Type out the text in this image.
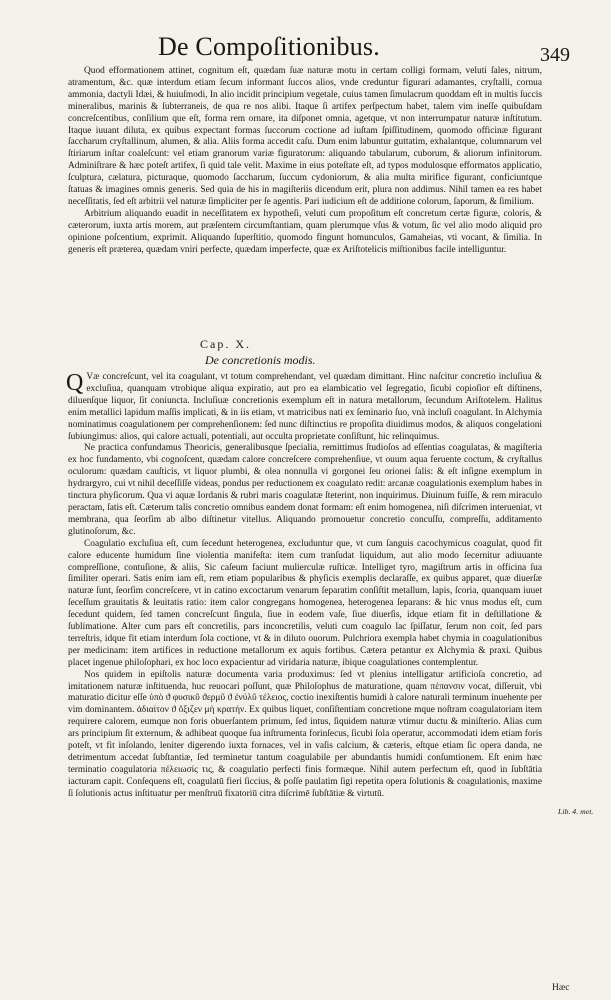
De Compoſitionibus.	349

Quod efformationem attinet, cognitum eſt, quædam ſuæ naturæ motu in certam colligi formam, veluti ſales, nitrum, atramentum, &c. quæ interdum etiam ſecum informant ſuccos alios, vnde creduntur figurari adamantes, cryſtalli, cornua ammonia, dactyli Idæi, & huiuſmodi, In alio incidit principium vegetale, cuius tamen ſimulacrum quoddam eſt in multis ſuccis mineralibus, marinis & ſubterraneis, de qua re nos alibi. Itaque ſi artifex perſpectum habet, talem vim ineſſe quibuſdam concreſcentibus, conſilium que eſt, forma rem ornare, ita diſponet omnia, agetque, vt non interrumpatur naturæ inſtitutum. Itaque iuuant diluta, ex quibus expectant formas ſuccorum coctione ad iuſtam ſpiſſitudinem, quomodo officinæ figurant ſaccharum cryſtallinum, alumen, & alia. Aliis forma accedit caſu. Dum enim labuntur guttatim, exhalantque, columnarum vel ſtiriarum inſtar coaleſcunt: vel etiam granorum variæ figuratorum: aliquando tabularum, cuborum, & aliorum infinitorum. Adminiſtrare & hæc poteſt artifex, ſi quid tale velit. Maxime in eius poteſtate eſt, ad typos modulosque efformatos applicatio, ſculptura, cælatura, picturaque, quomodo ſaccharum, ſuccum cydoniorum, & alia multa mirifice figurant, conficiuntque ſtatuas & imagines omnis generis. Sed quia de his in magiſteriis dicendum erit, plura non addimus. Nihil tamen ea res habet neceſſitatis, ſed eſt arbitrii vel naturæ ſimpliciter per ſe agentis. Pari iudicium eſt de additione colorum, ſaporum, & ſimilium.

Arbitrium aliquando euadit in neceſſitatem ex hypotheſi, veluti cum propoſitum eſt concretum certæ figuræ, coloris, & cæterorum, iuxta artis morem, aut præſentem circumſtantiam, quam plerumque vſus & votum, ſic vel alio modo aliquid pro opinione poſcentium, exprimit. Aliquando ſuperſtitio, quomodo fingunt homunculos, Gamaheias, vti vocant, & ſimilia. In generis eſt præterea, quædam vniri perfecte, quædam imperfecte, quæ ex Ariſtotelicis miſtionibus facile intelliguntur.

Cap. X.
De concretionis modis.

Q Væ concreſcunt, vel ita coagulant, vt totum comprehendant, vel quædam dimittant. Hinc naſcitur concretio incluſiua & excluſiua, quanquam vtrobique aliqua expiratio, aut pro ea elambicatio vel ſegregatio, ſicubi copioſior eſt diſtinens, diluenſque liquor, ſit coniuncta. Incluſiuæ concretionis exemplum eſt in natura metallorum, ſecundum Ariſtotelem. Halitus enim metallici lapidum maſſis implicati, & in iis etiam, vt matricibus nati ex ſeminario ſuo, vnà incluſi coagulant. In Alchymia nominatimus coagulationem per comprehenſionem: ſed nunc diſtinctius re propoſita diuidimus modos, & aliquos congelationi ſubiungimus: alios, qui calore actuali, potentiali, aut occulta proprietate conſiſtunt, hic relinquimus.

Ne practica confundamus Theoricis, generalibusque ſpecialia, remittimus ſtudioſos ad eſſentias coagulatas, & magiſteria ex hoc fundamento, vbi cognoſcent, quædam calore concreſcere comprehenſiue, vt ouum aqua feruente coctum, & cryſtallus oculorum: quædam cauſticis, vt liquor plumbi, & olea nonnulla vi gorgonei ſeu orionei ſalis: & eſt inſigne exemplum in hydrargyro, cui vt nihil deceſſiſſe videas, pondus per reductionem ex coagulato redit: arcanæ coagulationis exemplum habes in tinctura phyſicorum. Qua vi aquæ Iordanis & rubri maris coagulatæ ſteterint, non inquirimus. Diuinum fuiſſe, & rem miraculo peractam, ſatis eſt. Cæterum talis concretio omnibus eandem donat formam: eſt enim homogenea, niſi diſcrimen interueniat, vt membrana, qua ſeorſim ab albo diſtinetur vitellus. Aliquando promouetur concretio concuſſu, compreſſu, additamento glutinoſorum, &c.

Coagulatio excluſiua eſt, cum ſecedunt heterogenea, excluduntur que, vt cum ſanguis cacochymicus coagulat, quod fit calore educente humidum ſine violentia manifeſta: item cum tranſudat liquidum, aut alio modo ſecernitur adiuuante compreſſione, contuſione, & aliis, Sic caſeum faciunt mulierculæ ruſticæ. Intelliget tyro, magiſtrum artis in officina ſua ſimiliter operari. Satis enim iam eſt, rem etiam popularibus & phyſicis exemplis declaraſſe, ex quibus apparet, quæ diuerſæ naturæ ſunt, ſeorſim concreſcere, vt in catino excoctarum venarum ſeparatim conſiſtit metallum, lapis, ſcoria, quanquam iuuet ſeceſſum grauitatis & leuitatis ratio: item calor congregans homogenea, heterogenea ſeparans: & hic vnus modus eſt, cum ſecedunt quidem, ſed tamen concreſcunt ſingula, ſiue in eodem vaſe, ſiue diuerſis, idque etiam fit in deſtillatione & ſublimatione. Alter cum pars eſt concretilis, pars inconcretilis, veluti cum coagulo lac ſpiſſatur, ſerum non coit, ſed pars terreſtris, idque fit etiam interdum ſola coctione, vt & in diluto ouorum. Pulchriora exempla habet chymia in coagulationibus per medicinam: item artifices in reductione metallorum ex aquis fortibus. Cætera petantur ex Alchymia & praxi. Quibus placet ingenue philoſophari, ex hoc loco expacientur ad viridaria naturæ, ibique coagulationes contemplentur.

Nos quidem in epiſtolis naturæ documenta varia produximus: ſed vt plenius intelligatur artificioſa concretio, ad imitationem naturæ inſtituenda, huc reuocari poſſunt, quæ Philoſophus de maturatione, quam πέπανσιν vocat, diſſeruit, vbi maturatio dicitur eſſe ὑπὸ ϑ φυσικῦ ϑερμῦ ϑ ἐνύλῦ τέλειος, coctio inexiſtentis humidi à calore naturali terminum inuehente per vim dominantem. ἀδιαίτον ϑ ὄξιζεν μὴ κρατήν. Ex quibus liquet, conſiſtentiam concretione mque noſtram coagulatoriam item requirere calorem, eumque non foris obuerſantem primum, ſed intus, ſiquidem naturæ vtimur ductu & miniſterio. Alias cum ars principium ſit externum, & adhibeat quoque ſua inſtrumenta forinſecus, ſicubi ſola operatur, accommodati idem etiam foris poteſt, vt fit inſolando, leniter digerendo iuxta fornaces, vel in vaſis calcium, & cæteris, eſtque etiam ſic opera danda, ne detrimentum accedat ſubſtantiæ, ſed terminetur tantum coagulabile per abundantis humidi conſumtionem. Eſt enim hæc terminatio coagulatoria πέλειωσίς τις, & coagulatio perfecti finis formæque. Nihil autem perfectum eſt, quod in ſubſtātia iacturam capit. Conſequens eſt, coagulatū fieri ſiccius, & poſſe paulatim ſigi repetita opera ſolutionis & coagulationis, maxime ſi ſolutionis actus inſtituatur per menſtruū fixatoriū citra diſcrimē ſubſtātiæ & virtutū.

Lib. 4. met.
Hæc
